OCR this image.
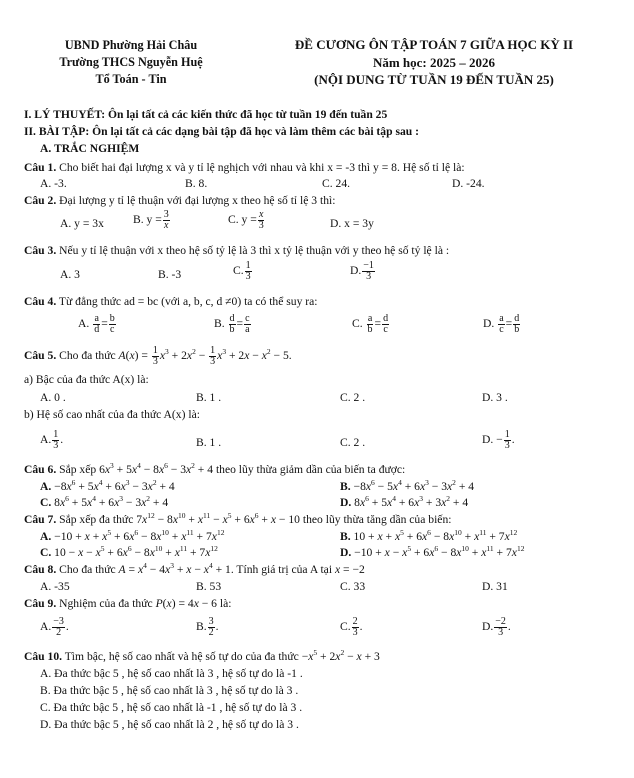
UBND Phường Hải Châu
Trường THCS Nguyễn Huệ
Tổ Toán - Tin
ĐỀ CƯƠNG ÔN TẬP TOÁN 7 GIỮA HỌC KỲ II
Năm học: 2025 – 2026
(NỘI DUNG TỪ TUẦN 19 ĐẾN TUẦN 25)
I. LÝ THUYẾT: Ôn lại tất cả các kiến thức đã học từ tuần 19 đến tuần 25
II. BÀI TẬP: Ôn lại tất cả các dạng bài tập đã học và làm thêm các bài tập sau :
A. TRẮC NGHIỆM
Câu 1. Cho biết hai đại lượng x và y tỉ lệ nghịch với nhau và khi x = -3 thì y = 8. Hệ số tỉ lệ là:
A. -3.	B. 8.	C. 24.	D. -24.
Câu 2. Đại lượng y tỉ lệ thuận với đại lượng x theo hệ số tỉ lệ 3 thì:
A. y = 3x	B. $y = \frac{3}{x}$	C. $y = \frac{x}{3}$	D. x = 3y
Câu 3. Nếu y tỉ lệ thuận với x theo hệ số tỷ lệ là 3 thì x tỷ lệ thuận với y theo hệ số tỷ lệ là :
A. 3	B. -3	C. $\frac{1}{3}$	D. $\frac{-1}{3}$
Câu 4. Từ đẳng thức ad = bc (với a, b, c, d ≠0) ta có thể suy ra:
A. $\frac{a}{d} = \frac{b}{c}$	B. $\frac{d}{b} = \frac{c}{a}$	C. $\frac{a}{b} = \frac{d}{c}$	D. $\frac{a}{c} = \frac{d}{b}$
Câu 5. Cho đa thức $A(x) = \frac{1}{3} x^3 + 2x^2 - \frac{1}{3} x^3 + 2x - x^2 - 5$.
a) Bậc của đa thức A(x) là:
A. 0 .	B. 1 .	C. 2 .	D. 3 .
b) Hệ số cao nhất của đa thức A(x) là:
A. $\frac{1}{3}$ .	B. 1 .	C. 2 .	D. − $\frac{1}{3}$ .
Câu 6. Sắp xếp $6x^3 + 5x^4 - 8x^6 - 3x^2 + 4$ theo lũy thừa giảm dần của biến ta được:
A. $-8x^6 + 5x^4 + 6x^3 - 3x^2 + 4$	B. $-8x^6 - 5x^4 + 6x^3 - 3x^2 + 4$
C. $8x^6 + 5x^4 + 6x^3 - 3x^2 + 4$	D. $8x^6 + 5x^4 + 6x^3 + 3x^2 + 4$
Câu 7. Sắp xếp đa thức $7x^{12} - 8x^{10} + x^{11} - x^5 + 6x^6 + x - 10$ theo lũy thừa tăng dần của biến:
A. $-10 + x + x^5 + 6x^6 - 8x^{10} + x^{11} + 7x^{12}$	B. $10 + x + x^5 + 6x^6 - 8x^{10} + x^{11} + 7x^{12}$
C. $10 - x - x^5 + 6x^6 - 8x^{10} + x^{11} + 7x^{12}$	D. $-10 + x - x^5 + 6x^6 - 8x^{10} + x^{11} + 7x^{12}$
Câu 8. Cho đa thức $A = x^4 - 4x^3 + x - x^4 + 1$. Tính giá trị của A tại x = −2
A. -35	B. 53	C. 33	D. 31
Câu 9. Nghiệm của đa thức P(x) = 4x − 6 là:
A. $\frac{-3}{2}$ .	B. $\frac{3}{2}$ .	C. $\frac{2}{3}$ .	D. $\frac{-2}{3}$ .
Câu 10. Tìm bậc, hệ số cao nhất và hệ số tự do của đa thức $-x^5 + 2x^2 - x + 3$
A. Đa thức bậc 5 , hệ số cao nhất là 3 , hệ số tự do là -1 .
B. Đa thức bậc 5 , hệ số cao nhất là 3 , hệ số tự do là 3 .
C. Đa thức bậc 5 , hệ số cao nhất là -1 , hệ số tự do là 3 .
D. Đa thức bậc 5 , hệ số cao nhất là 2 , hệ số tự do là 3 .
